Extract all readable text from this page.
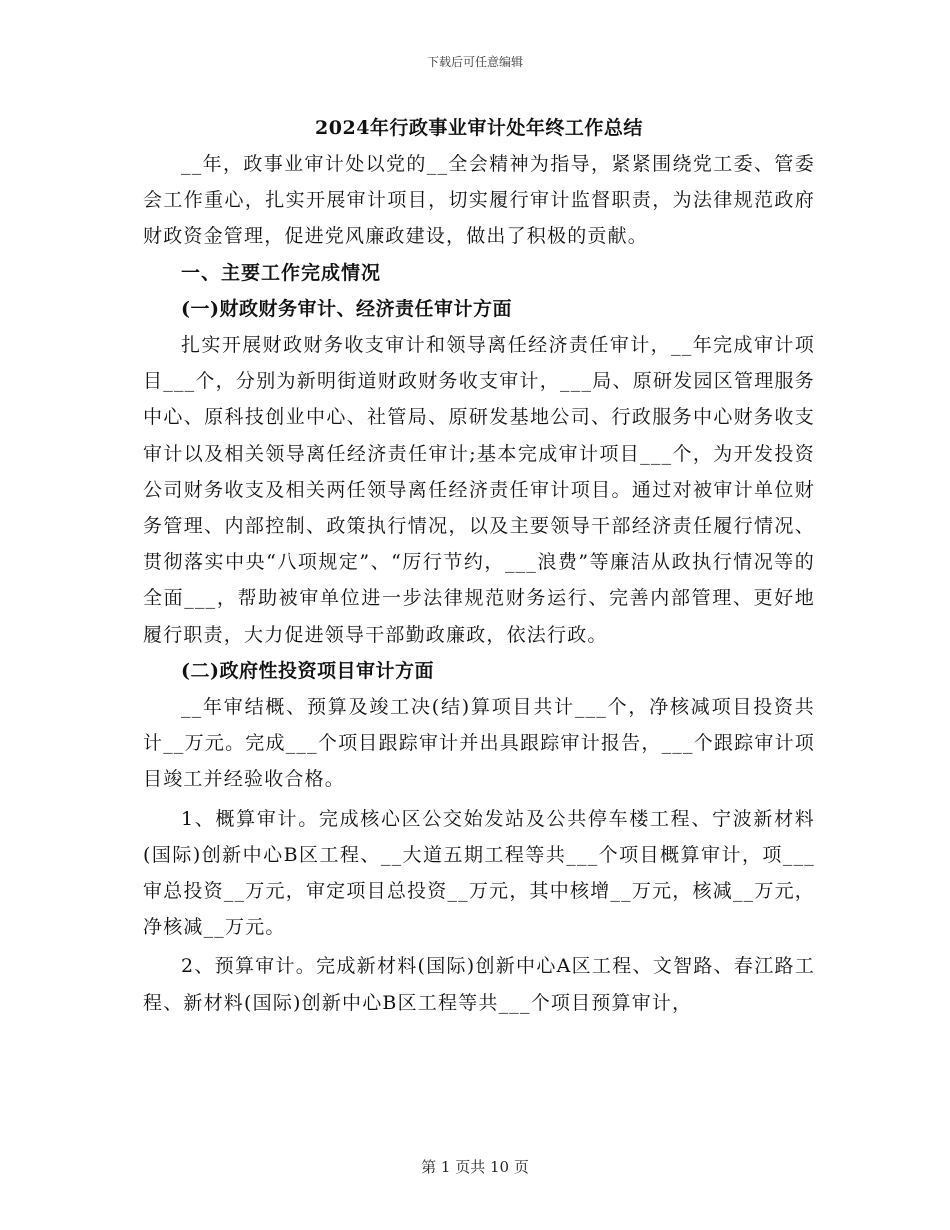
下载后可任意编辑
2024年行政事业审计处年终工作总结

__年，政事业审计处以党的__全会精神为指导，紧紧围绕党工委、管委会工作重心，扎实开展审计项目，切实履行审计监督职责，为法律规范政府财政资金管理，促进党风廉政建设，做出了积极的贡献。

一、主要工作完成情况

(一)财政财务审计、经济责任审计方面

扎实开展财政财务收支审计和领导离任经济责任审计，__年完成审计项目___个，分别为新明街道财政财务收支审计，___局、原研发园区管理服务中心、原科技创业中心、社管局、原研发基地公司、行政服务中心财务收支审计以及相关领导离任经济责任审计;基本完成审计项目___个，为开发投资公司财务收支及相关两任领导离任经济责任审计项目。通过对被审计单位财务管理、内部控制、政策执行情况，以及主要领导干部经济责任履行情况、贯彻落实中央“八项规定”、“厉行节约，___浪费”等廉洁从政执行情况等的全面___，帮助被审单位进一步法律规范财务运行、完善内部管理、更好地履行职责，大力促进领导干部勤政廉政，依法行政。

(二)政府性投资项目审计方面

__年审结概、预算及竣工决(结)算项目共计___个，净核减项目投资共计__万元。完成___个项目跟踪审计并出具跟踪审计报告，___个跟踪审计项目竣工并经验收合格。

1、概算审计。完成核心区公交始发站及公共停车楼工程、宁波新材料(国际)创新中心B区工程、__大道五期工程等共___个项目概算审计，项___审总投资__万元，审定项目总投资__万元，其中核增__万元，核减__万元，净核减__万元。

2、预算审计。完成新材料(国际)创新中心A区工程、文智路、春江路工程、新材料(国际)创新中心B区工程等共___个项目预算审计，

第 1 页共 10 页
